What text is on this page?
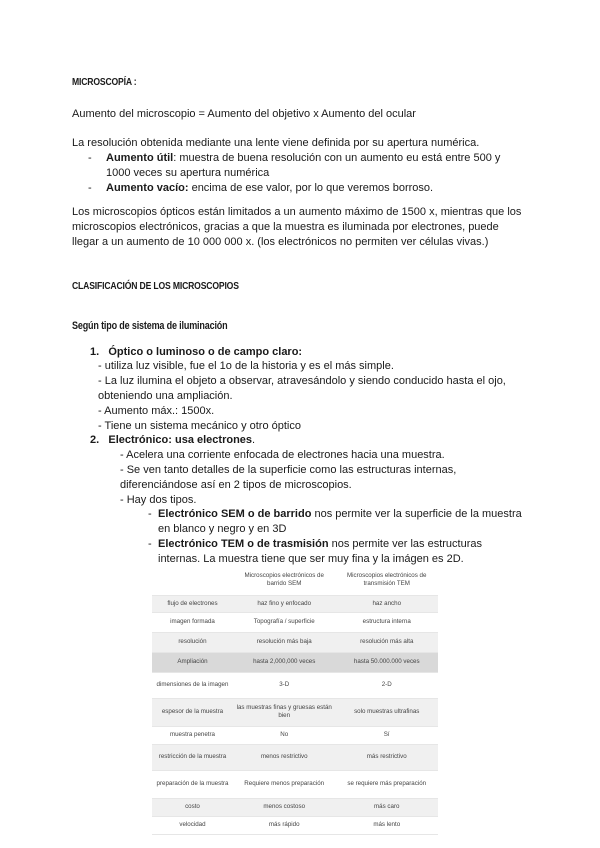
MICROSCOPÍA :
Aumento del microscopio = Aumento del objetivo x Aumento del ocular
La resolución obtenida mediante una lente viene definida por su apertura numérica.
- Aumento útil: muestra de buena resolución con un aumento eu está entre 500 y
1000 veces su apertura numérica
- Aumento vacío: encima de ese valor, por lo que veremos borroso.
Los microscopios ópticos están limitados a un aumento máximo de 1500 x, mientras que los
microscopios electrónicos, gracias a que la muestra es iluminada por electrones, puede
llegar a un aumento de 10 000 000 x. (los electrónicos no permiten ver células vivas.)
CLASIFICACIÓN DE LOS MICROSCOPIOS
Según tipo de sistema de iluminación
1. Óptico o luminoso o de campo claro:
- utiliza luz visible, fue el 1o de la historia y es el más simple.
- La luz ilumina el objeto a observar, atravesándolo y siendo conducido hasta el ojo,
obteniendo una ampliación.
- Aumento máx.: 1500x.
- Tiene un sistema mecánico y otro óptico
2. Electrónico: usa electrones.
- Acelera una corriente enfocada de electrones hacia una muestra.
- Se ven tanto detalles de la superficie como las estructuras internas,
diferenciándose así en 2 tipos de microscopios.
- Hay dos tipos.
- Electrónico SEM o de barrido nos permite ver la superficie de la muestra
en blanco y negro y en 3D
- Electrónico TEM o de trasmisión nos permite ver las estructuras
internas. La muestra tiene que ser muy fina y la imágen es 2D.
	Microscopios electrónicos de barrido SEM	Microscopios electrónicos de transmisión TEM
flujo de electrones	haz fino y enfocado	haz ancho
imagen formada	Topografía / superficie	estructura interna
resolución	resolución más baja	resolución más alta
Ampliación	hasta 2,000,000 veces	hasta 50.000.000 veces
dimensiones de la imagen	3-D	2-D
espesor de la muestra	las muestras finas y gruesas están bien	solo muestras ultrafinas
muestra penetra	No	Sí
restricción de la muestra	menos restrictivo	más restrictivo
preparación de la muestra	Requiere menos preparación	se requiere más preparación
costo	menos costoso	más caro
velocidad	más rápido	más lento
